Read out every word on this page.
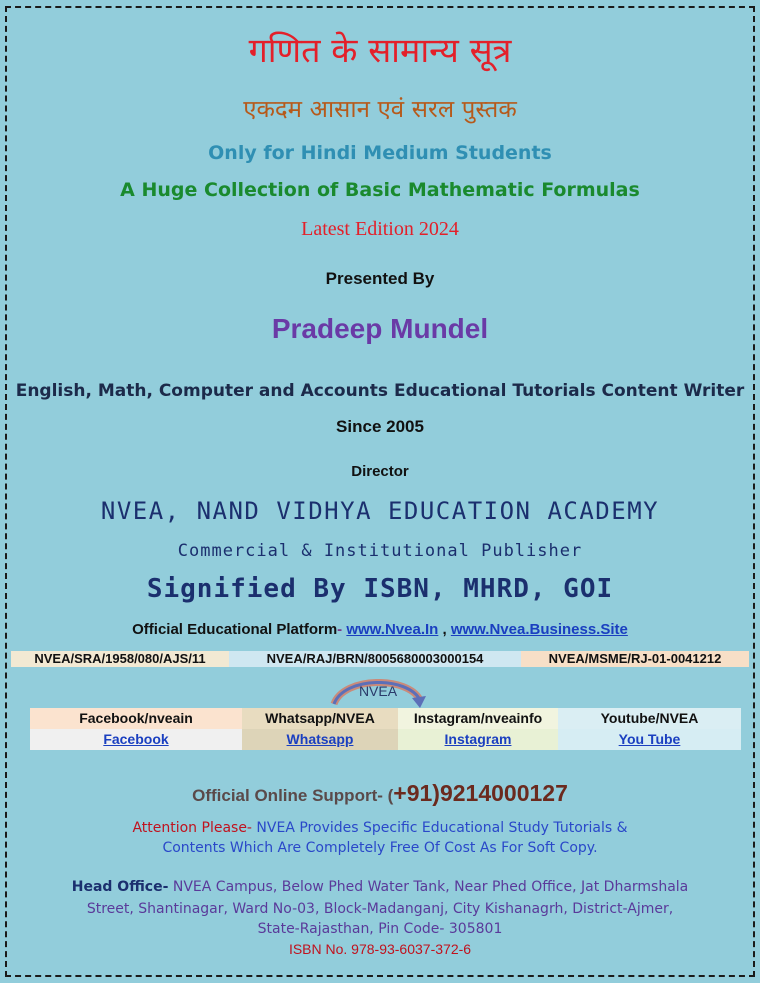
गणित के सामान्य सूत्र
एकदम आसान एवं सरल पुस्तक
Only for Hindi Medium Students
A Huge Collection of Basic Mathematic Formulas
Latest Edition 2024
Presented By
Pradeep Mundel
English, Math, Computer and Accounts Educational Tutorials Content Writer
Since 2005
Director
NVEA, NAND VIDHYA EDUCATION ACADEMY
Commercial & Institutional Publisher
Signified By ISBN, MHRD, GOI
Official Educational Platform- www.Nvea.In , www.Nvea.Business.Site
NVEA/SRA/1958/080/AJS/11	NVEA/RAJ/BRN/8005680003000154	NVEA/MSME/RJ-01-0041212
NVEA
Facebook/nveain
Facebook
Whatsapp/NVEA
Whatsapp
Instagram/nveainfo
Instagram
Youtube/NVEA
You Tube
Official Online Support- (+91)9214000127
Attention Please- NVEA Provides Specific Educational Study Tutorials &
Contents Which Are Completely Free Of Cost As For Soft Copy.
Head Office- NVEA Campus, Below Phed Water Tank, Near Phed Office, Jat Dharmshala
Street, Shantinagar, Ward No-03, Block-Madanganj, City Kishanagrh, District-Ajmer,
State-Rajasthan, Pin Code- 305801
ISBN No. 978-93-6037-372-6
